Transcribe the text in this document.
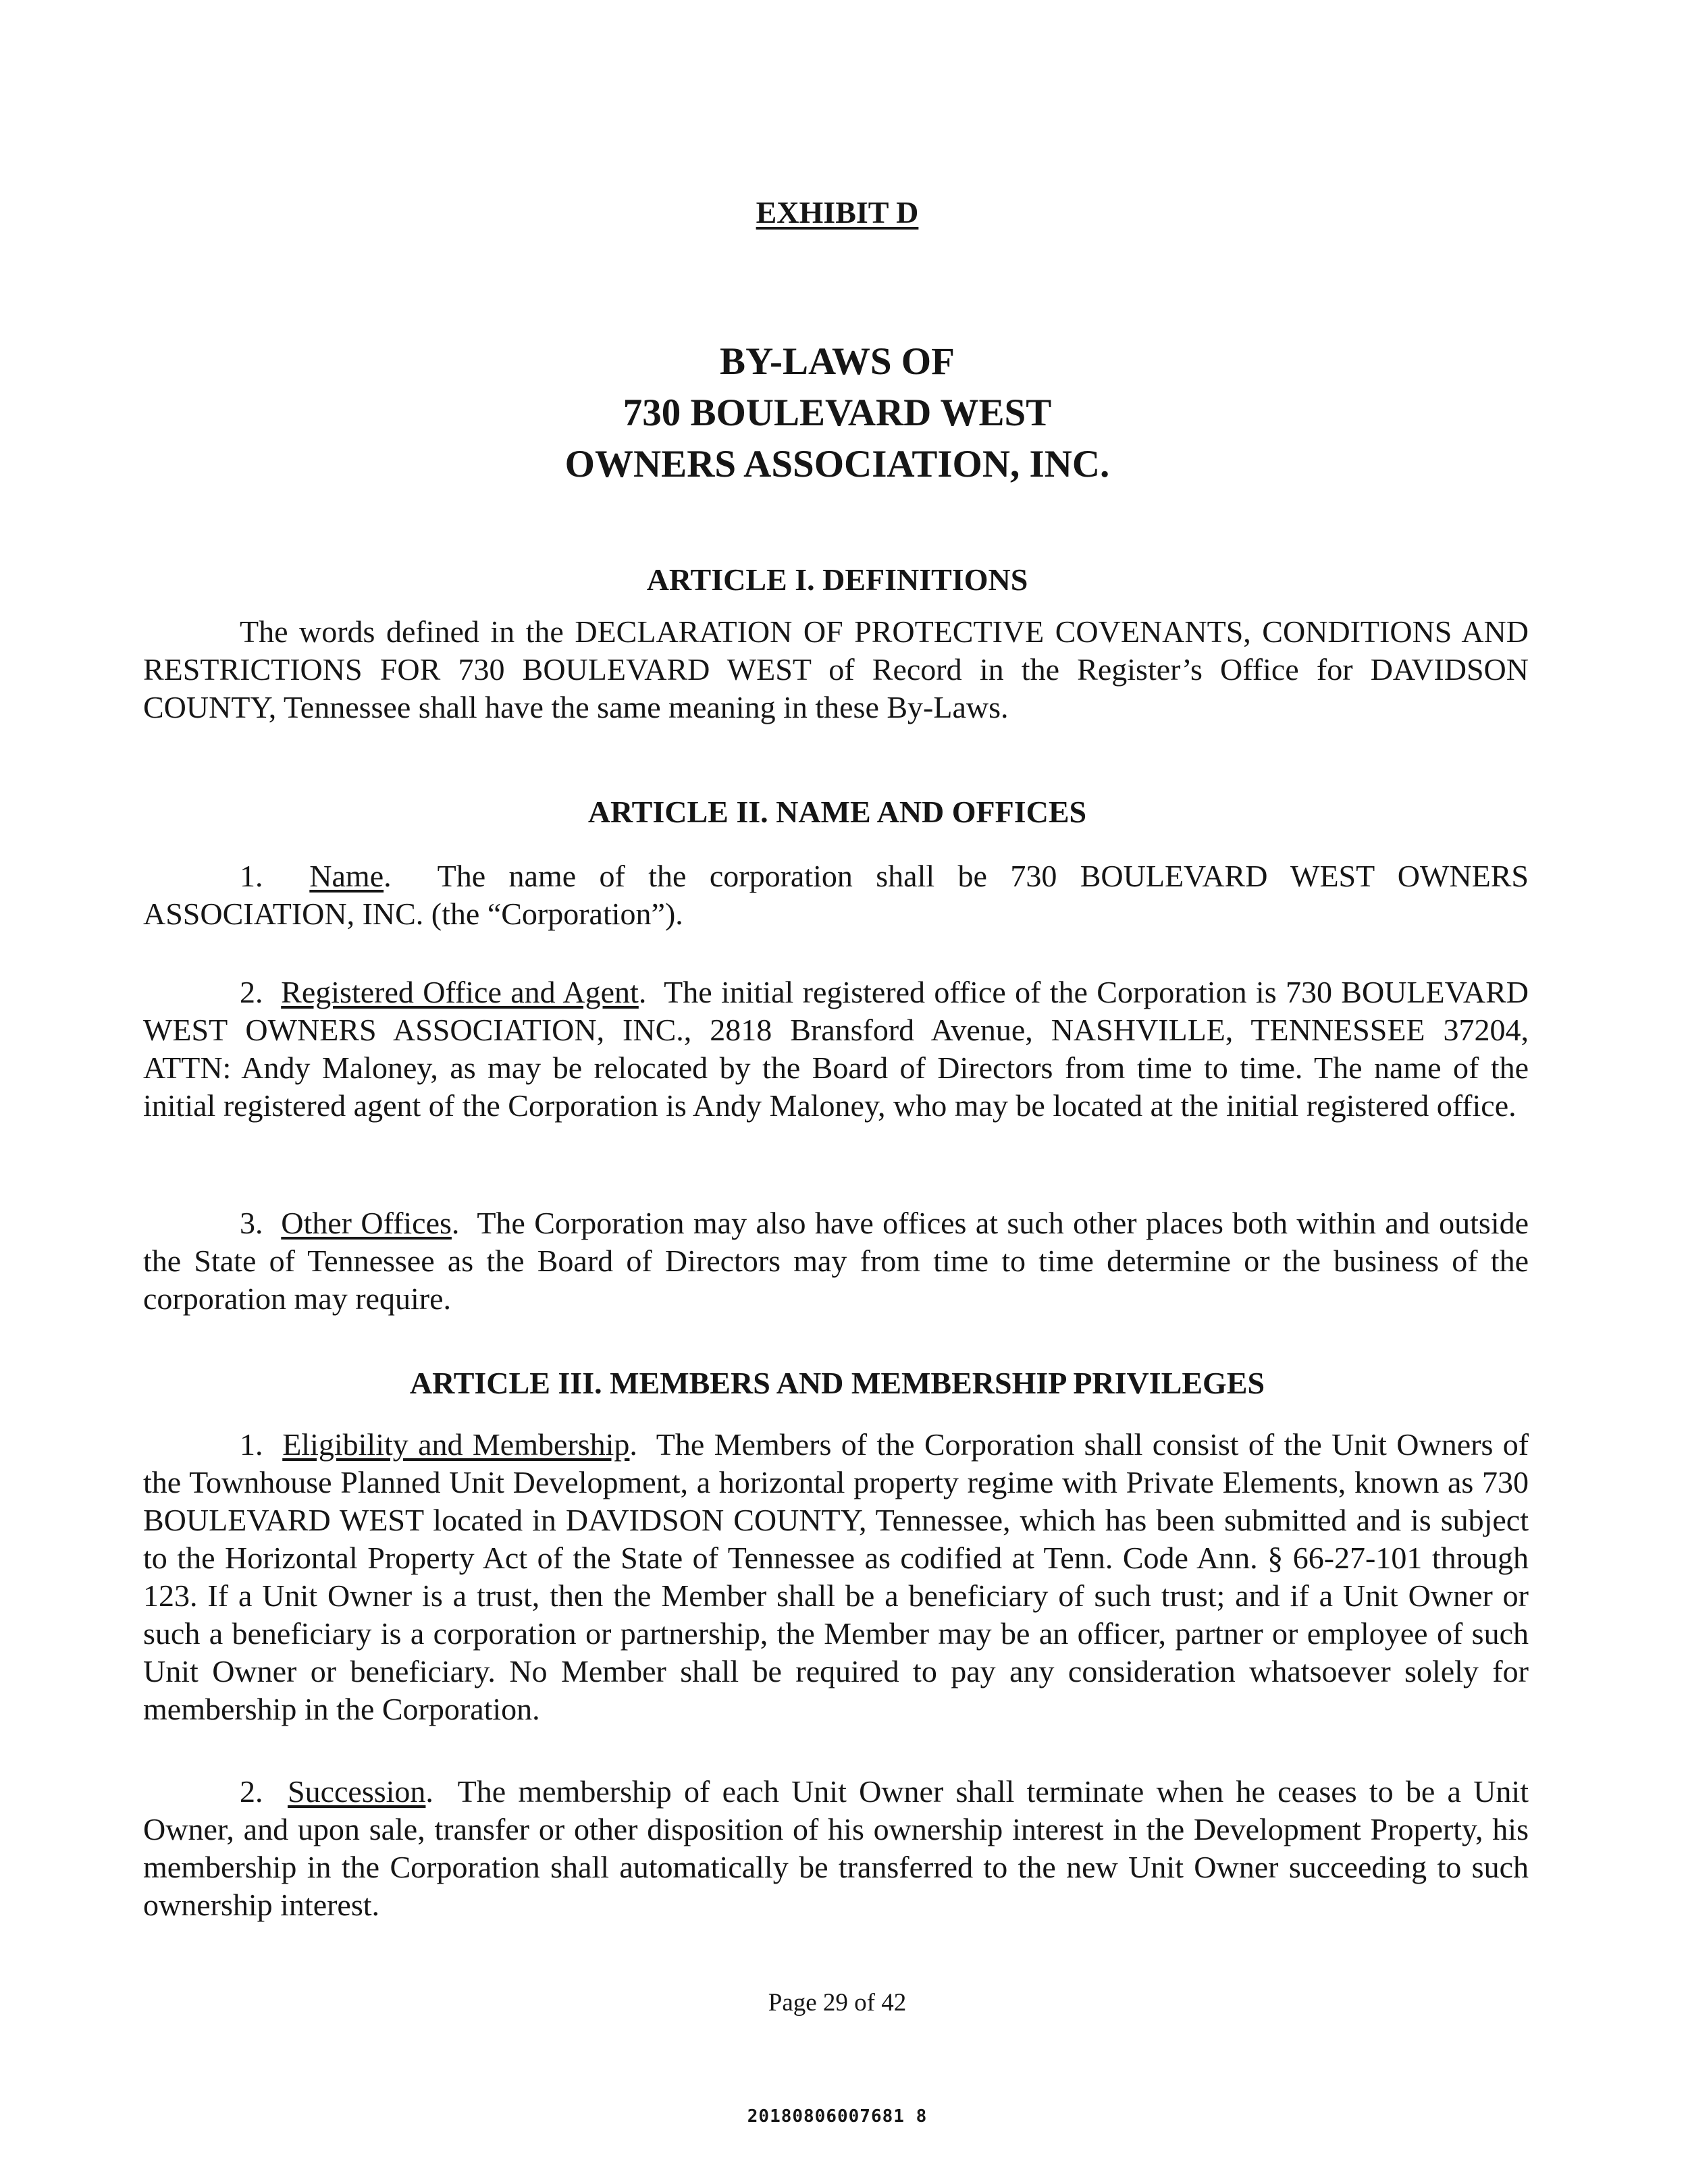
EXHIBIT D
BY-LAWS OF
730 BOULEVARD WEST
OWNERS ASSOCIATION, INC.
ARTICLE I. DEFINITIONS

The words defined in the DECLARATION OF PROTECTIVE COVENANTS, CONDITIONS AND RESTRICTIONS FOR 730 BOULEVARD WEST of Record in the Register’s Office for DAVIDSON COUNTY, Tennessee shall have the same meaning in these By-Laws.

ARTICLE II. NAME AND OFFICES

1. Name.  The name of the corporation shall be 730 BOULEVARD WEST OWNERS ASSOCIATION, INC. (the “Corporation”).

2. Registered Office and Agent.  The initial registered office of the Corporation is 730 BOULEVARD WEST OWNERS ASSOCIATION, INC., 2818 Bransford Avenue, NASHVILLE, TENNESSEE 37204, ATTN: Andy Maloney, as may be relocated by the Board of Directors from time to time. The name of the initial registered agent of the Corporation is Andy Maloney, who may be located at the initial registered office.

3. Other Offices.  The Corporation may also have offices at such other places both within and outside the State of Tennessee as the Board of Directors may from time to time determine or the business of the corporation may require.

ARTICLE III. MEMBERS AND MEMBERSHIP PRIVILEGES

1. Eligibility and Membership.  The Members of the Corporation shall consist of the Unit Owners of the Townhouse Planned Unit Development, a horizontal property regime with Private Elements, known as 730 BOULEVARD WEST located in DAVIDSON COUNTY, Tennessee, which has been submitted and is subject to the Horizontal Property Act of the State of Tennessee as codified at Tenn. Code Ann. § 66-27-101 through 123. If a Unit Owner is a trust, then the Member shall be a beneficiary of such trust; and if a Unit Owner or such a beneficiary is a corporation or partnership, the Member may be an officer, partner or employee of such Unit Owner or beneficiary. No Member shall be required to pay any consideration whatsoever solely for membership in the Corporation.

2. Succession.  The membership of each Unit Owner shall terminate when he ceases to be a Unit Owner, and upon sale, transfer or other disposition of his ownership interest in the Development Property, his membership in the Corporation shall automatically be transferred to the new Unit Owner succeeding to such ownership interest.

Page 29 of 42
20180806007681 8
